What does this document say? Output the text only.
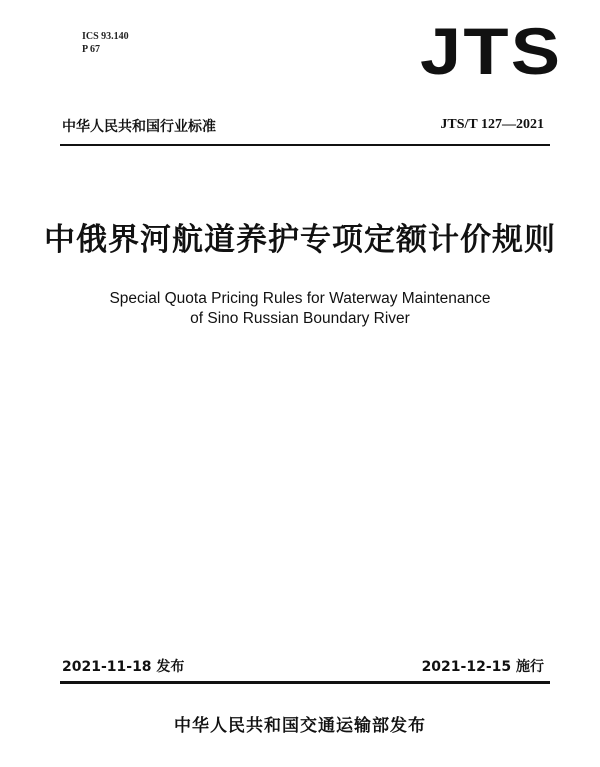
ICS 93.140
P 67	JTS
中华人民共和国行业标准	JTS/T 127—2021
中俄界河航道养护专项定额计价规则
Special Quota Pricing Rules for Waterway Maintenance
of Sino Russian Boundary River
2021-11-18 发布	2021-12-15 施行
中华人民共和国交通运输部发布
